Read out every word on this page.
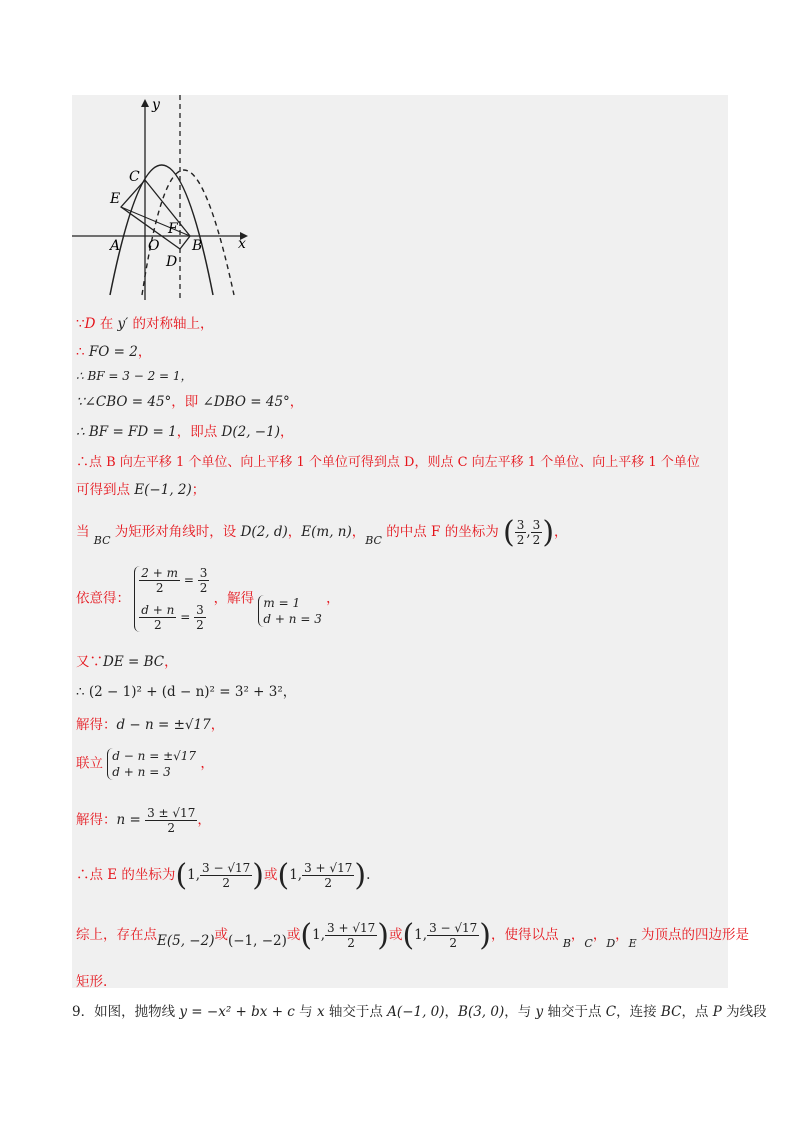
y
x
C
E
A O
F
B
D
∵D 在 y′ 的对称轴上，
∴ FO = 2，
∴ BF = 3 − 2 = 1，
∵∠CBO = 45°，即 ∠DBO = 45°，
∴ BF = FD = 1，即点 D(2, −1)，
∴点 B 向左平移 1 个单位、向上平移 1 个单位可得到点 D，则点 C 向左平移 1 个单位、向上平移 1 个单位
可得到点 E(−1, 2)；
当 $_{BC}$ 为矩形对角线时，设 D(2, d)，E(m, n)，$_{BC}$ 的中点 F 的坐标为 ( $\frac{3}{2}$ , $\frac{3}{2}$ )，
依意得：
$\frac{2 + m}{2} = \frac{3}{2}$
$\frac{d + n}{2} = \frac{3}{2}$
，解得 m = 1
d + n = 3
，
又∵DE = BC，
∴ (2 − 1)² + (d − n)² = 3² + 3²，
解得：d − n = ±√17，
联立 d − n = ±√17
d + n = 3
，
解得：$n = \frac{3 \pm √17}{2}$ ，
∴点 E 的坐标为(1, $\frac{3 - √17}{2}$ )或(1, $\frac{3 + √17}{2}$ ).
综上，存在点E(5, −2)或(−1, −2)或(1, $\frac{3 + √17}{2}$ )或(1, $\frac{3 - √17}{2}$ )，使得以点 $_B$，$_C$，$_D$，$_E$ 为顶点的四边形是
矩形.
9．如图，抛物线 y = −x² + bx + c 与 x 轴交于点 A(−1, 0)，B(3, 0)，与 y 轴交于点 C，连接 BC，点 P 为线段
